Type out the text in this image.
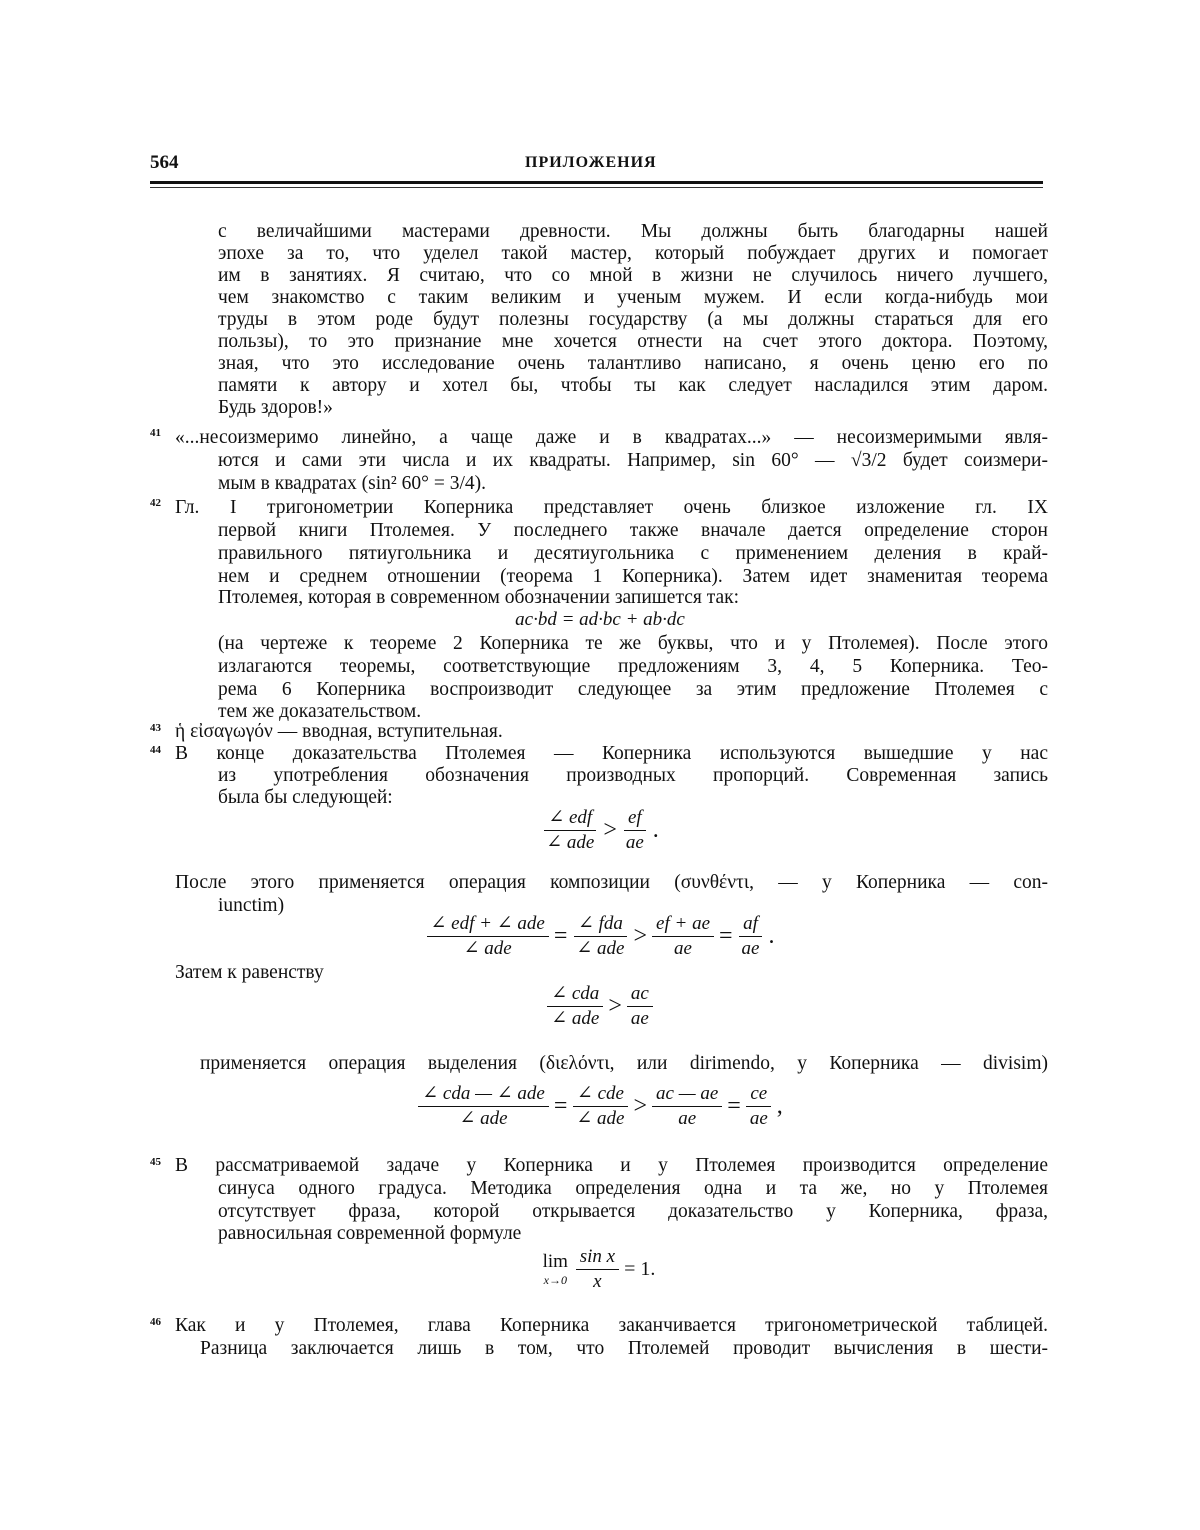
564	ПРИЛОЖЕНИЯ
с величайшими мастерами древности. Мы должны быть благодарны нашей
эпохе за то, что уделел такой мастер, который побуждает других и помогает
им в занятиях. Я считаю, что со мной в жизни не случилось ничего лучшего,
чем знакомство с таким великим и ученым мужем. И если когда-нибудь мои
труды в этом роде будут полезны государству (а мы должны стараться для его
пользы), то это признание мне хочется отнести на счет этого доктора. Поэтому,
зная, что это исследование очень талантливо написано, я очень ценю его по
памяти к автору и хотел бы, чтобы ты как следует насладился этим даром.
Будь здоров!»
41 «...несоизмеримо линейно, а чаще даже и в квадратах...» — несоизмеримыми явля-
ются и сами эти числа и их квадраты. Например, sin 60° — √3/2 будет соизмери-
мым в квадратах (sin² 60° = 3/4).
42 Гл. I тригонометрии Коперника представляет очень близкое изложение гл. IX
первой книги Птолемея. У последнего также вначале дается определение сторон
правильного пятиугольника и десятиугольника с применением деления в край-
нем и среднем отношении (теорема 1 Коперника). Затем идет знаменитая теорема
Птолемея, которая в современном обозначении запишется так:
ac·bd = ad·bc + ab·dc
(на чертеже к теореме 2 Коперника те же буквы, что и у Птолемея). После этого
излагаются теоремы, соответствующие предложениям 3, 4, 5 Коперника. Тео-
рема 6 Коперника воспроизводит следующее за этим предложение Птолемея с
тем же доказательством.
43 ἡ εἰσαγωγόν — вводная, вступительная.
44 В конце доказательства Птолемея — Коперника используются вышедшие у нас
из употребления обозначения производных пропорций. Современная запись
была бы следующей:
∠ edf
∠ ade > ef
ae .
После этого применяется операция композиции (συνθέντι, — у Коперника — con-
iunctim)
∠ edf + ∠ ade
∠ ade = ∠ fda
∠ ade > ef + ae
ae = af
ae .
Затем к равенству
∠ cda
∠ ade > ac
ae
применяется операция выделения (διελόντι, или dirimendo, у Коперника — divisim)
∠ cda — ∠ ade
∠ ade = ∠ cde
∠ ade > ac — ae
ae = ce
ae ,
45 В рассматриваемой задаче у Коперника и у Птолемея производится определение
синуса одного градуса. Методика определения одна и та же, но у Птолемея
отсутствует фраза, которой открывается доказательство у Коперника, фраза,
равносильная современной формуле
lim
x→0

sin x
x
= 1.
46 Как и у Птолемея, глава Коперника заканчивается тригонометрической таблицей.
Разница заключается лишь в том, что Птолемей проводит вычисления в шести-
